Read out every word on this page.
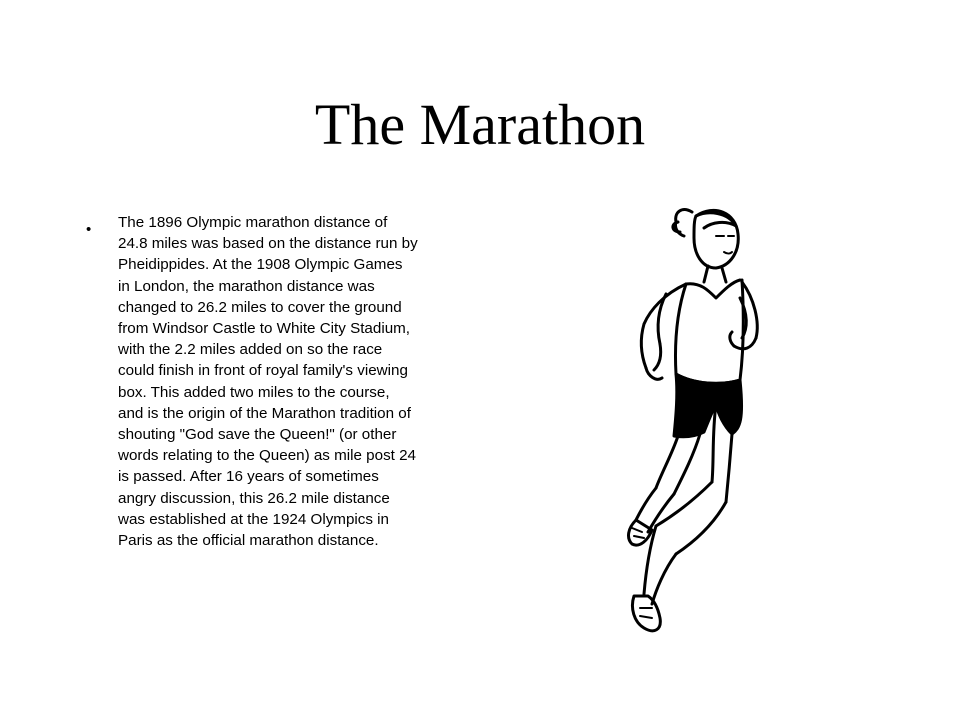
The Marathon
• The 1896 Olympic marathon distance of
24.8 miles was based on the distance run by
Pheidippides. At the 1908 Olympic Games
in London, the marathon distance was
changed to 26.2 miles to cover the ground
from Windsor Castle to White City Stadium,
with the 2.2 miles added on so the race
could finish in front of royal family's viewing
box. This added two miles to the course,
and is the origin of the Marathon tradition of
shouting "God save the Queen!" (or other
words relating to the Queen) as mile post 24
is passed. After 16 years of sometimes
angry discussion, this 26.2 mile distance
was established at the 1924 Olympics in
Paris as the official marathon distance.
